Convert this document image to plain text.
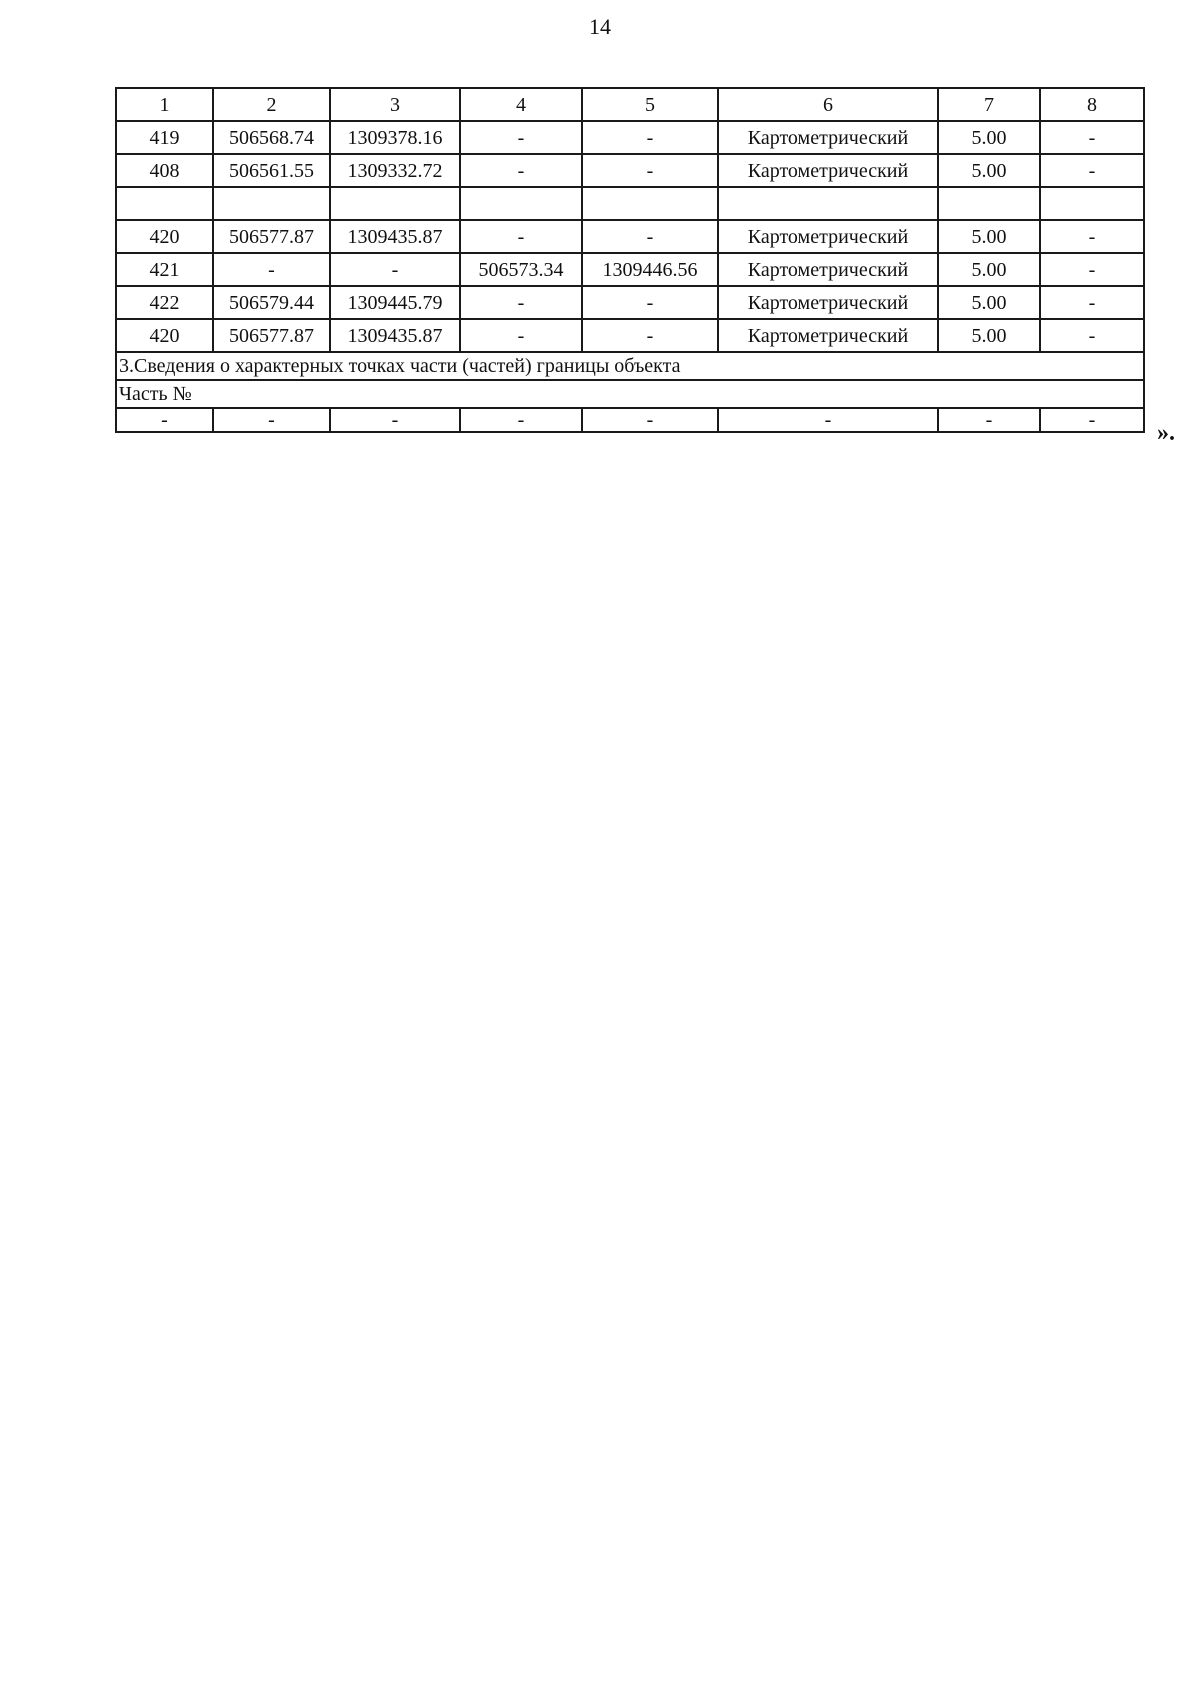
14
1	2	3	4	5	6	7	8
419	506568.74	1309378.16	-	-	Картометрический	5.00	-
408	506561.55	1309332.72	-	-	Картометрический	5.00	-

420	506577.87	1309435.87	-	-	Картометрический	5.00	-
421	-	-	506573.34	1309446.56	Картометрический	5.00	-
422	506579.44	1309445.79	-	-	Картометрический	5.00	-
420	506577.87	1309435.87	-	-	Картометрический	5.00	-
3.Сведения о характерных точках части (частей) границы объекта							
Часть №							
-	-	-	-	-	-	-	-	».
